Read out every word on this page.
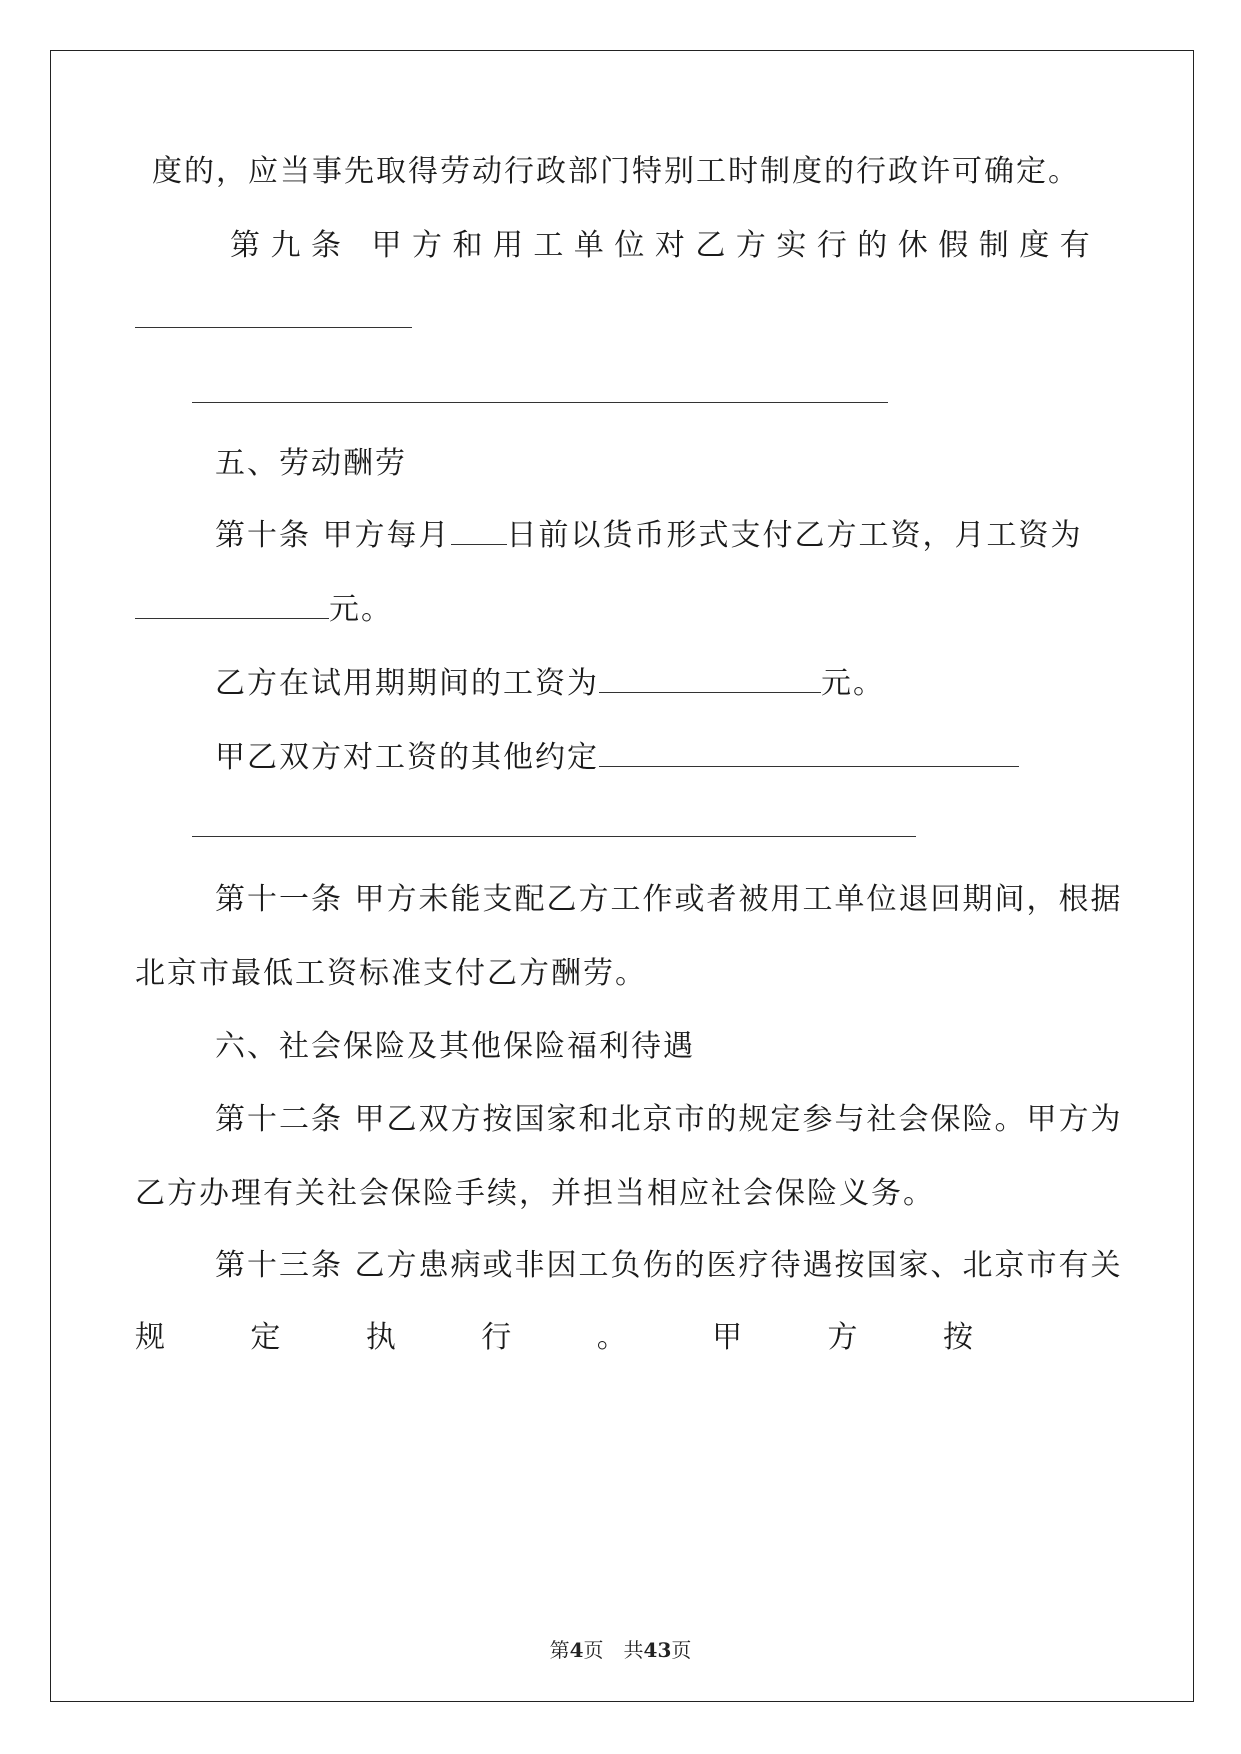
度的，应当事先取得劳动行政部门特别工时制度的行政许可确定。
第 九 条
甲 方 和 用 工 单 位 对 乙 方 实 行 的 休 假 制 度 有
五、劳动酬劳
第十条 甲方每月 日前以货币形式支付乙方工资，月工资为
元。
乙方在试用期期间的工资为	元。
甲乙双方对工资的其他约定
第十一条 甲方未能支配乙方工作或者被用工单位退回期间，根据
北京市最低工资标准支付乙方酬劳。
六、社会保险及其他保险福利待遇
第十二条 甲乙双方按国家和北京市的规定参与社会保险。甲方为
乙方办理有关社会保险手续，并担当相应社会保险义务。
第十三条 乙方患病或非因工负伤的医疗待遇按国家、北京市有关
规	定	执	行	。	甲	方	按
第4页　共43页
